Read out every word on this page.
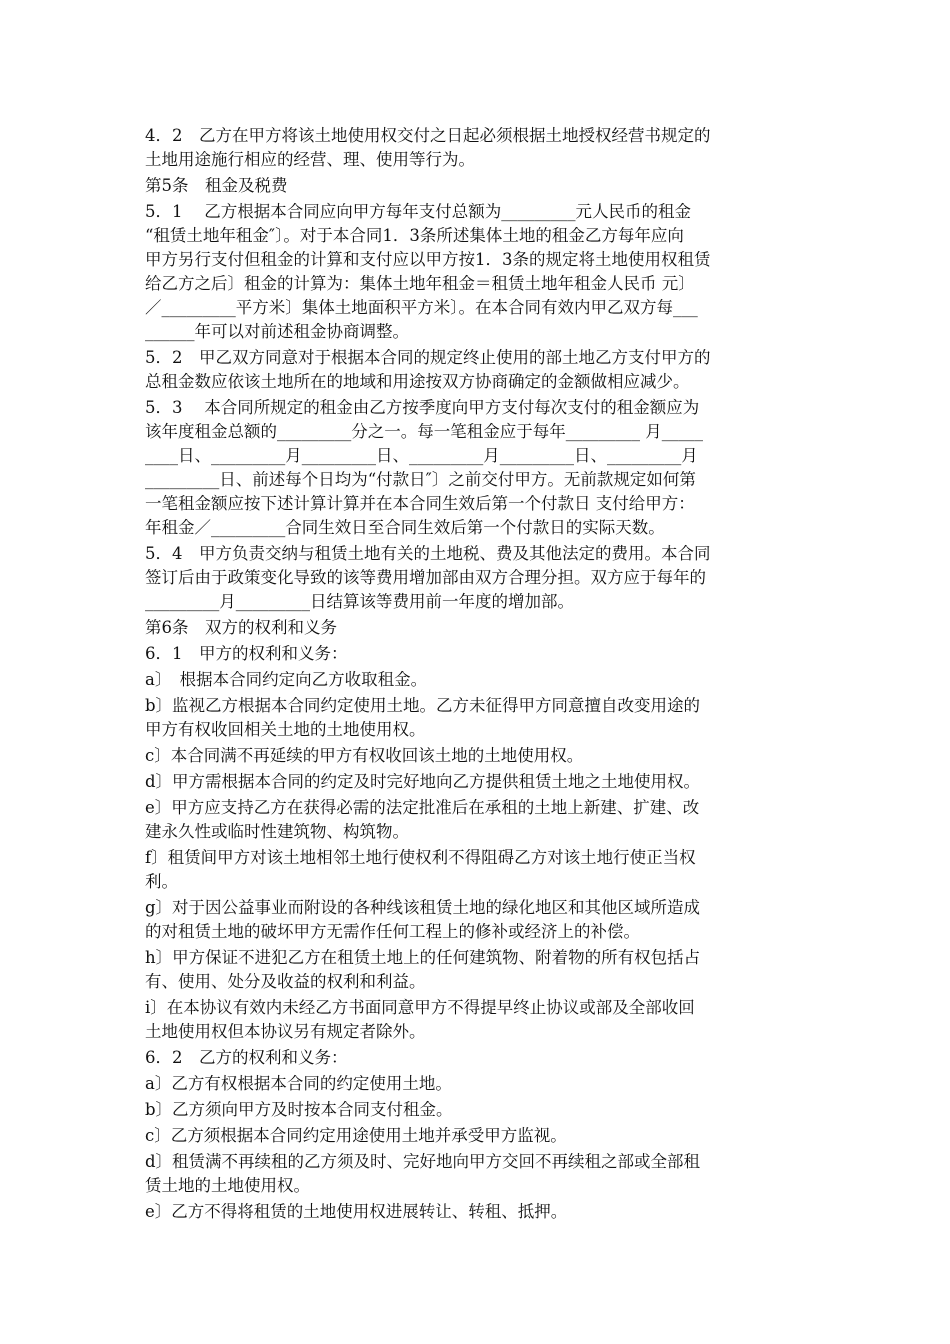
4．2　乙方在甲方将该土地使用权交付之日起必须根据土地授权经营书规定的
土地用途施行相应的经营、理、使用等行为。
第5条　租金及税费
5．1　 乙方根据本合同应向甲方每年支付总额为_________元人民币的租金
“租赁土地年租金″〕。对于本合同1．3条所述集体土地的租金乙方每年应向
甲方另行支付但租金的计算和支付应以甲方按1．3条的规定将土地使用权租赁
给乙方之后〕租金的计算为：集体土地年租金＝租赁土地年租金人民币 元〕
／_________平方米〕集体土地面积平方米〕。在本合同有效内甲乙双方每___
______年可以对前述租金协商调整。
5．2　甲乙双方同意对于根据本合同的规定终止使用的部土地乙方支付甲方的
总租金数应依该土地所在的地域和用途按双方协商确定的金额做相应减少。
5．3　 本合同所规定的租金由乙方按季度向甲方支付每次支付的租金额应为
该年度租金总额的_________分之一。每一笔租金应于每年_________ 月_____
____日、_________月_________日、_________月_________日、_________月
_________日、前述每个日均为“付款日″〕之前交付甲方。无前款规定如何第
一笔租金额应按下述计算计算并在本合同生效后第一个付款日 支付给甲方：
年租金／_________合同生效日至合同生效后第一个付款日的实际天数。
5．4　甲方负责交纳与租赁土地有关的土地税、费及其他法定的费用。本合同
签订后由于政策变化导致的该等费用增加部由双方合理分担。双方应于每年的
_________月_________日结算该等费用前一年度的增加部。
第6条　双方的权利和义务
6．1　甲方的权利和义务：
a〕　根据本合同约定向乙方收取租金。
b〕监视乙方根据本合同约定使用土地。乙方未征得甲方同意擅自改变用途的
甲方有权收回相关土地的土地使用权。
c〕本合同满不再延续的甲方有权收回该土地的土地使用权。
d〕甲方需根据本合同的约定及时完好地向乙方提供租赁土地之土地使用权。
e〕甲方应支持乙方在获得必需的法定批准后在承租的土地上新建、扩建、改
建永久性或临时性建筑物、构筑物。
f〕租赁间甲方对该土地相邻土地行使权利不得阻碍乙方对该土地行使正当权
利。
g〕对于因公益事业而附设的各种线该租赁土地的绿化地区和其他区域所造成
的对租赁土地的破坏甲方无需作任何工程上的修补或经济上的补偿。
h〕甲方保证不进犯乙方在租赁土地上的任何建筑物、附着物的所有权包括占
有、使用、处分及收益的权利和利益。
i〕在本协议有效内未经乙方书面同意甲方不得提早终止协议或部及全部收回
土地使用权但本协议另有规定者除外。
6．2　乙方的权利和义务：
a〕乙方有权根据本合同的约定使用土地。
b〕乙方须向甲方及时按本合同支付租金。
c〕乙方须根据本合同约定用途使用土地并承受甲方监视。
d〕租赁满不再续租的乙方须及时、完好地向甲方交回不再续租之部或全部租
赁土地的土地使用权。
e〕乙方不得将租赁的土地使用权进展转让、转租、抵押。
